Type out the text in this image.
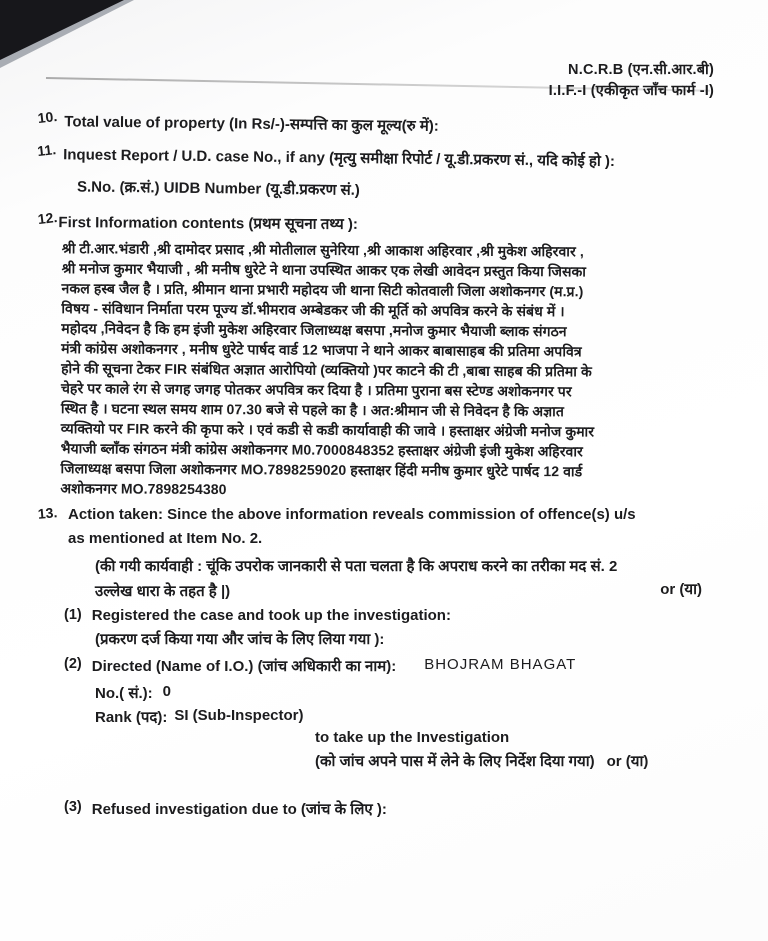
N.C.R.B (एन.सी.आर.बी)
I.I.F.-I (एकीकृत जाँच फार्म -I)
10. Total value of property (In Rs/-)-सम्पत्ति का कुल मूल्य(रु में):
11. Inquest Report / U.D. case No., if any (मृत्यु समीक्षा रिपोर्ट / यू.डी.प्रकरण सं., यदि कोई हो ):
S.No. (क्र.सं.) UIDB Number (यू.डी.प्रकरण सं.)
12. First Information contents (प्रथम सूचना तथ्य ):
श्री टी.आर.भंडारी ,श्री दामोदर प्रसाद ,श्री मोतीलाल सुनेरिया ,श्री आकाश अहिरवार ,श्री मुकेश अहिरवार ,
श्री मनोज कुमार भैयाजी , श्री मनीष धुरेटे ने थाना उपस्थित आकर एक लेखी आवेदन प्रस्तुत किया जिसका
नकल हस्ब जैल है । प्रति, श्रीमान थाना प्रभारी महोदय जी थाना सिटी कोतवाली जिला अशोकनगर (म.प्र.)
विषय - संविधान निर्माता परम पूज्य डॉ.भीमराव अम्बेडकर जी की मूर्ति को अपवित्र करने के संबंध में ।
महोदय ,निवेदन है कि हम इंजी मुकेश अहिरवार जिलाध्यक्ष बसपा ,मनोज कुमार भैयाजी ब्लाक संगठन
मंत्री कांग्रेस अशोकनगर , मनीष धुरेटे पार्षद वार्ड 12 भाजपा ने थाने आकर बाबासाहब की प्रतिमा अपवित्र
होने की सूचना टेकर FIR संबंधित अज्ञात आरोपियो (व्यक्तियो )पर काटने की टी ,बाबा साहब की प्रतिमा के
चेहरे पर काले रंग से जगह जगह पोतकर अपवित्र कर दिया है । प्रतिमा पुराना बस स्टेण्ड अशोकनगर पर
स्थित है । घटना स्थल समय शाम 07.30 बजे से पहले का है । अत:श्रीमान जी से निवेदन है कि अज्ञात
व्यक्तियो पर FIR करने की कृपा करे । एवं कडी से कडी कार्यावाही की जावे । हस्ताक्षर अंग्रेजी मनोज कुमार
भैयाजी ब्लाँक संगठन मंत्री कांग्रेस अशोकनगर M0.7000848352 हस्ताक्षर अंग्रेजी इंजी मुकेश अहिरवार
जिलाध्यक्ष बसपा जिला अशोकनगर MO.7898259020 हस्ताक्षर हिंदी मनीष कुमार धुरेटे पार्षद 12 वार्ड
अशोकनगर MO.7898254380
13. Action taken: Since the above information reveals commission of offence(s) u/s
as mentioned at Item No. 2.
(की गयी कार्यवाही : चूंकि उपरोक जानकारी से पता चलता है कि अपराध करने का तरीका मद सं. 2
उल्लेख धारा के तहत है |)	or (या)
(1) Registered the case and took up the investigation:
(प्रकरण दर्ज किया गया और जांच के लिए लिया गया ):
(2) Directed (Name of I.O.) (जांच अधिकारी का नाम): BHOJRAM BHAGAT
No.( सं.): 0
Rank (पद): SI (Sub-Inspector)
to take up the Investigation
(को जांच अपने पास में लेने के लिए निर्देश दिया गया) or (या)
(3) Refused investigation due to (जांच के लिए ):
